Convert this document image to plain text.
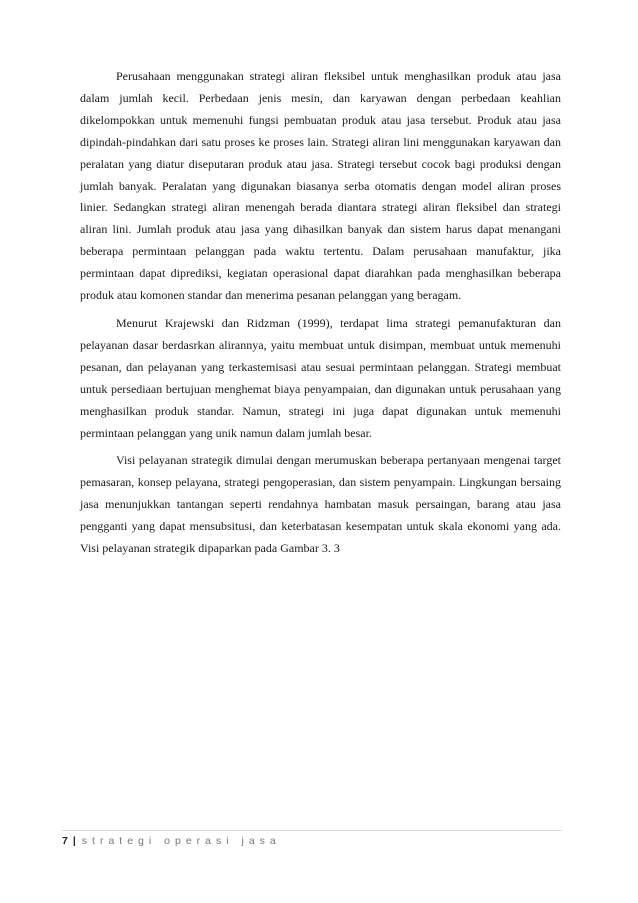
Perusahaan menggunakan strategi aliran fleksibel untuk menghasilkan produk atau jasa dalam jumlah kecil. Perbedaan jenis mesin, dan karyawan dengan perbedaan keahlian dikelompokkan untuk memenuhi fungsi pembuatan produk atau jasa tersebut. Produk atau jasa dipindah-pindahkan dari satu proses ke proses lain. Strategi aliran lini menggunakan karyawan dan peralatan yang diatur diseputaran produk atau jasa. Strategi tersebut cocok bagi produksi dengan jumlah banyak. Peralatan yang digunakan biasanya serba otomatis dengan model aliran proses linier. Sedangkan strategi aliran menengah berada diantara strategi aliran fleksibel dan strategi aliran lini. Jumlah produk atau jasa yang dihasilkan banyak dan sistem harus dapat menangani beberapa permintaan pelanggan pada waktu tertentu. Dalam perusahaan manufaktur, jika permintaan dapat diprediksi, kegiatan operasional dapat diarahkan pada menghasilkan beberapa produk atau komonen standar dan menerima pesanan pelanggan yang beragam.

Menurut Krajewski dan Ridzman (1999), terdapat lima strategi pemanufakturan dan pelayanan dasar berdasrkan alirannya, yaitu membuat untuk disimpan, membuat untuk memenuhi pesanan, dan pelayanan yang terkastemisasi atau sesuai permintaan pelanggan. Strategi membuat untuk persediaan bertujuan menghemat biaya penyampaian, dan digunakan untuk perusahaan yang menghasilkan produk standar. Namun, strategi ini juga dapat digunakan untuk memenuhi permintaan pelanggan yang unik namun dalam jumlah besar.

Visi pelayanan strategik dimulai dengan merumuskan beberapa pertanyaan mengenai target pemasaran, konsep pelayana, strategi pengoperasian, dan sistem penyampain. Lingkungan bersaing jasa menunjukkan tantangan seperti rendahnya hambatan masuk persaingan, barang atau jasa pengganti yang dapat mensubsitusi, dan keterbatasan kesempatan untuk skala ekonomi yang ada. Visi pelayanan strategik dipaparkan pada Gambar 3. 3

7 | strategi operasi jasa
